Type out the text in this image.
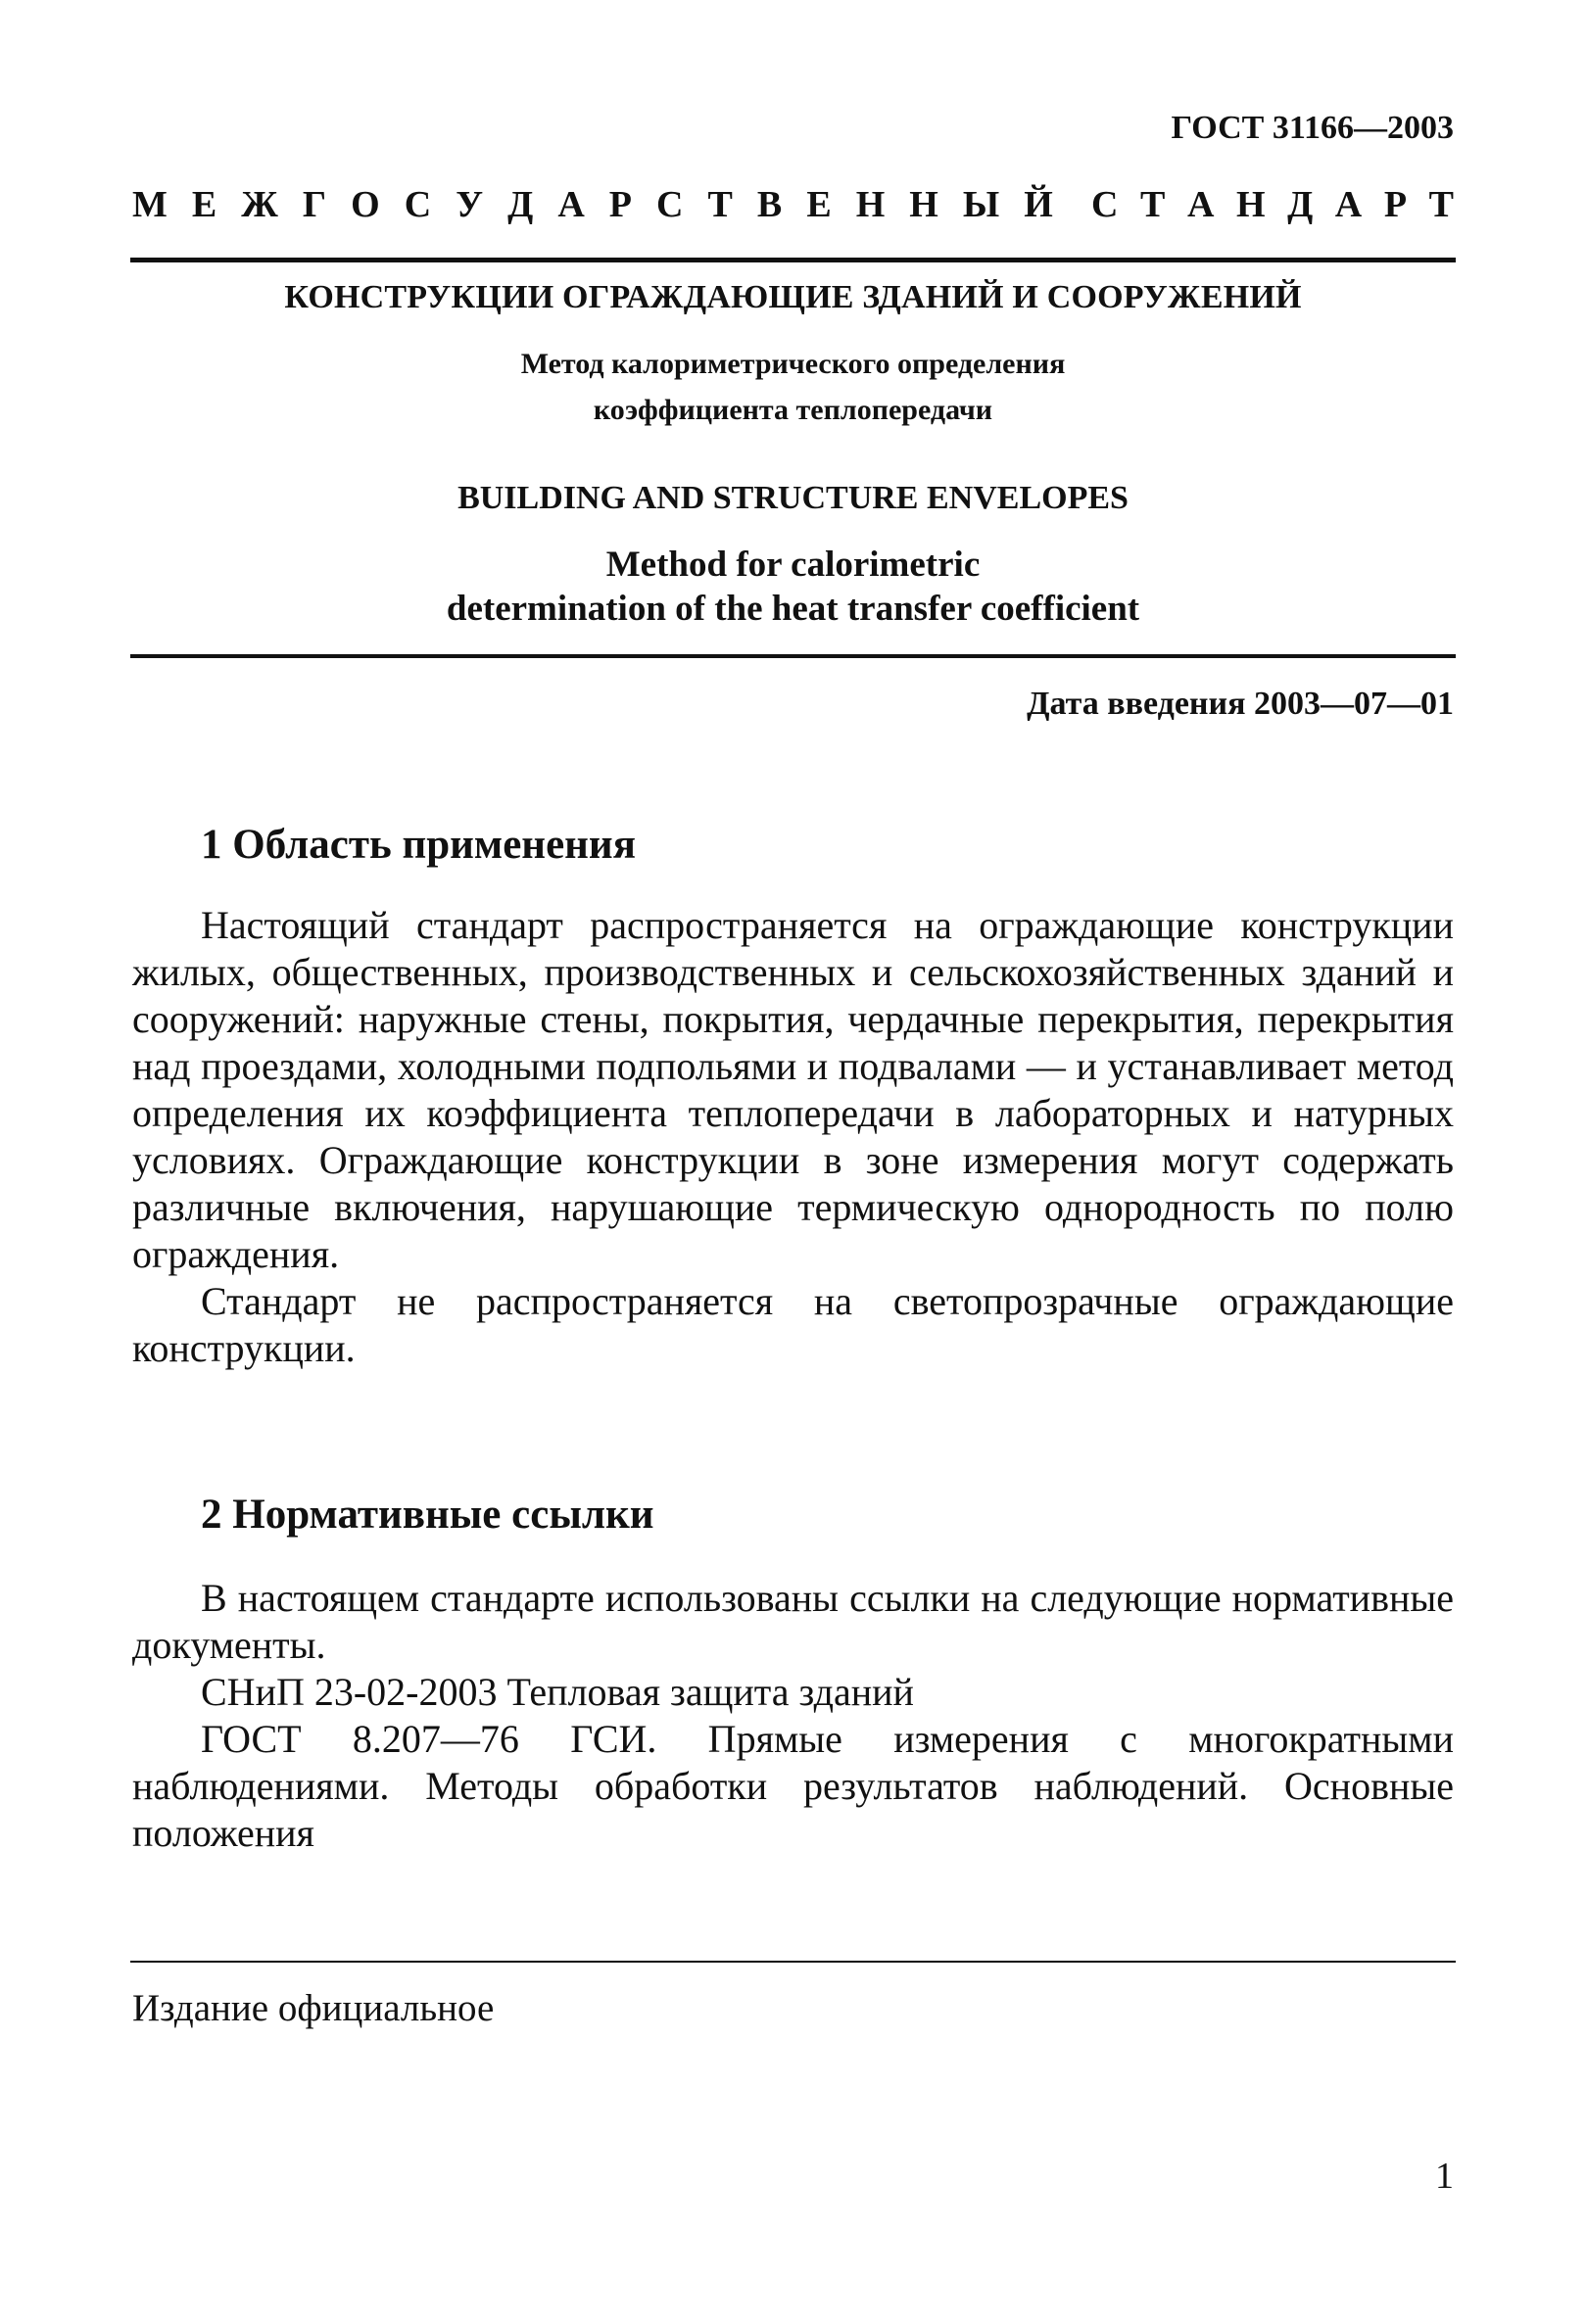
ГОСТ 31166—2003
М Е Ж Г О С У Д А Р С Т В Е Н Н Ы Й С Т А Н Д А Р Т
КОНСТРУКЦИИ ОГРАЖДАЮЩИЕ ЗДАНИЙ И СООРУЖЕНИЙ
Метод калориметрического определения
коэффициента теплопередачи
BUILDING AND STRUCTURE ENVELOPES
Method for calorimetric
determination of the heat transfer coefficient
Дата введения 2003—07—01
1 Область применения
Настоящий стандарт распространяется на ограждающие конструкции жилых, общественных, производственных и сельскохозяйственных зданий и сооружений: наружные стены, покрытия, чердачные перекрытия, перекрытия над проездами, холодными подпольями и подвалами — и устанавливает метод определения их коэффициента теплопередачи в лабораторных и натурных условиях. Ограждающие конструкции в зоне измерения могут содержать различные включения, нарушающие термическую однородность по полю ограждения.
Стандарт не распространяется на светопрозрачные ограждающие конструкции.
2 Нормативные ссылки
В настоящем стандарте использованы ссылки на следующие нормативные документы.
СНиП 23-02-2003 Тепловая защита зданий
ГОСТ 8.207—76 ГСИ. Прямые измерения с многократными наблюдениями. Методы обработки результатов наблюдений. Основные положения
Издание официальное
1
